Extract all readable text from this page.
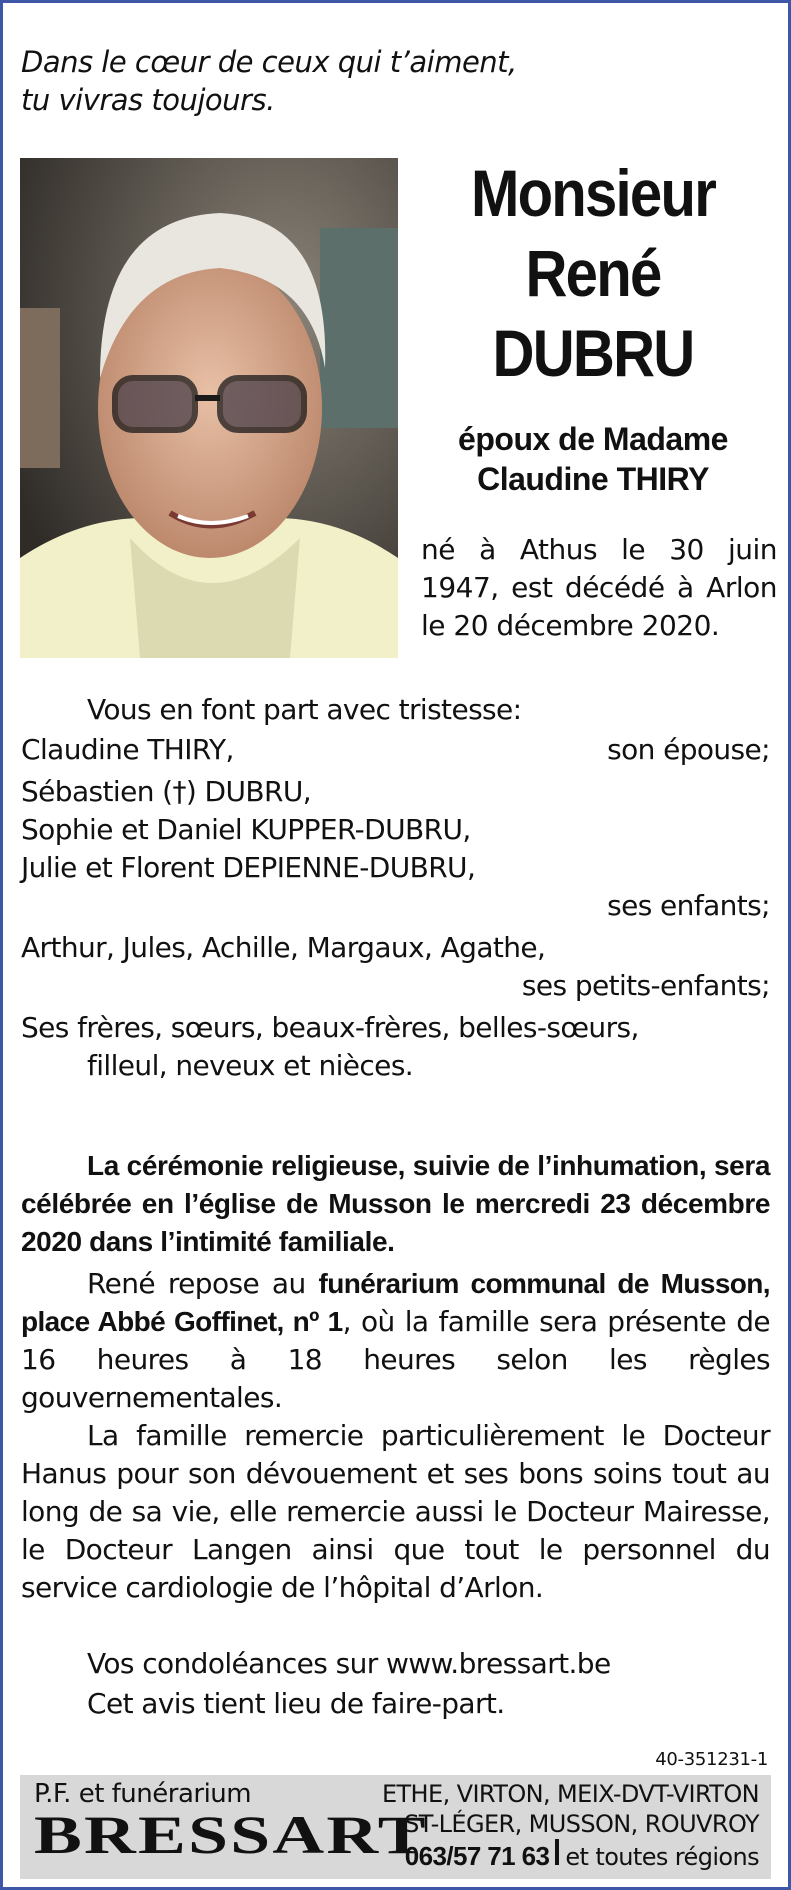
Dans le cœur de ceux qui t’aiment,
tu vivras toujours.
Monsieur
René
DUBRU
époux de Madame
Claudine THIRY
né à Athus le 30 juin 1947, est décédé à Arlon le 20 décembre 2020.
Vous en font part avec tristesse:
Claudine THIRY,	son épouse;
Sébastien (†) DUBRU,
Sophie et Daniel KUPPER-DUBRU,
Julie et Florent DEPIENNE-DUBRU,
ses enfants;
Arthur, Jules, Achille, Margaux, Agathe,
ses petits-enfants;
Ses frères, sœurs, beaux-frères, belles-sœurs,
filleul, neveux et nièces.
La cérémonie religieuse, suivie de l’inhumation, sera célébrée en l’église de Musson le mercredi 23 décembre 2020 dans l’intimité familiale.
René repose au funérarium communal de Musson, place Abbé Goffinet, nº 1, où la famille sera présente de 16 heures à 18 heures selon les règles gouvernementales.
La famille remercie particulièrement le Docteur Hanus pour son dévouement et ses bons soins tout au long de sa vie, elle remercie aussi le Docteur Mairesse, le Docteur Langen ainsi que tout le personnel du service cardiologie de l’hôpital d’Arlon.
Vos condoléances sur www.bressart.be
Cet avis tient lieu de faire-part.
40-351231-1
P.F. et funérarium
BRESSART
ETHE, VIRTON, MEIX-DVT-VIRTON
ST-LÉGER, MUSSON, ROUVROY
063/57 71 63 et toutes régions
